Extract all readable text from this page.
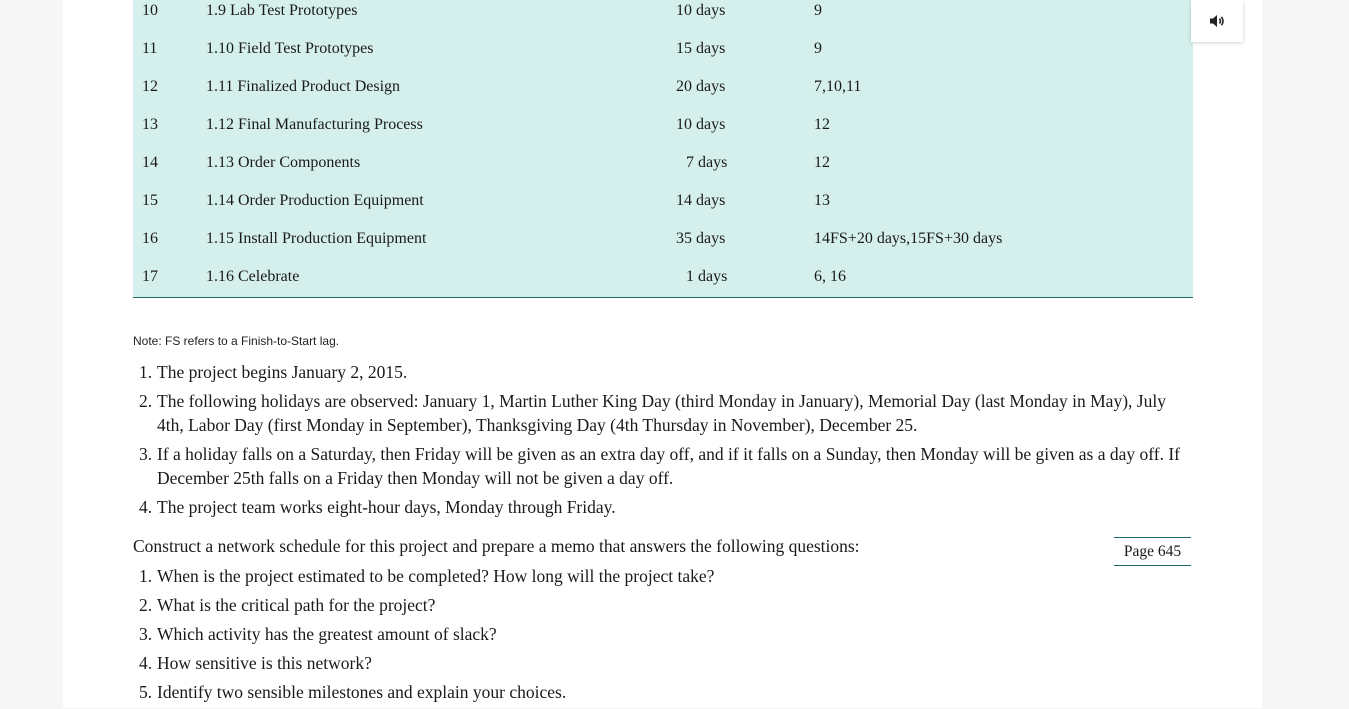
10	1.9 Lab Test Prototypes	10 days	9
11	1.10 Field Test Prototypes	15 days	9
12	1.11 Finalized Product Design	20 days	7,10,11
13	1.12 Final Manufacturing Process	10 days	12
14	1.13 Order Components	7 days	12
15	1.14 Order Production Equipment	14 days	13
16	1.15 Install Production Equipment	35 days	14FS+20 days,15FS+30 days
17	1.16 Celebrate	1 days	6, 16
Note: FS refers to a Finish-to-Start lag.
1. The project begins January 2, 2015.
2. The following holidays are observed: January 1, Martin Luther King Day (third Monday in January), Memorial Day (last Monday in May), July 4th, Labor Day (first Monday in September), Thanksgiving Day (4th Thursday in November), December 25.
3. If a holiday falls on a Saturday, then Friday will be given as an extra day off, and if it falls on a Sunday, then Monday will be given as a day off. If December 25th falls on a Friday then Monday will not be given a day off.
4. The project team works eight-hour days, Monday through Friday.
Construct a network schedule for this project and prepare a memo that answers the following questions:	Page 645
1. When is the project estimated to be completed? How long will the project take?
2. What is the critical path for the project?
3. Which activity has the greatest amount of slack?
4. How sensitive is this network?
5. Identify two sensible milestones and explain your choices.
